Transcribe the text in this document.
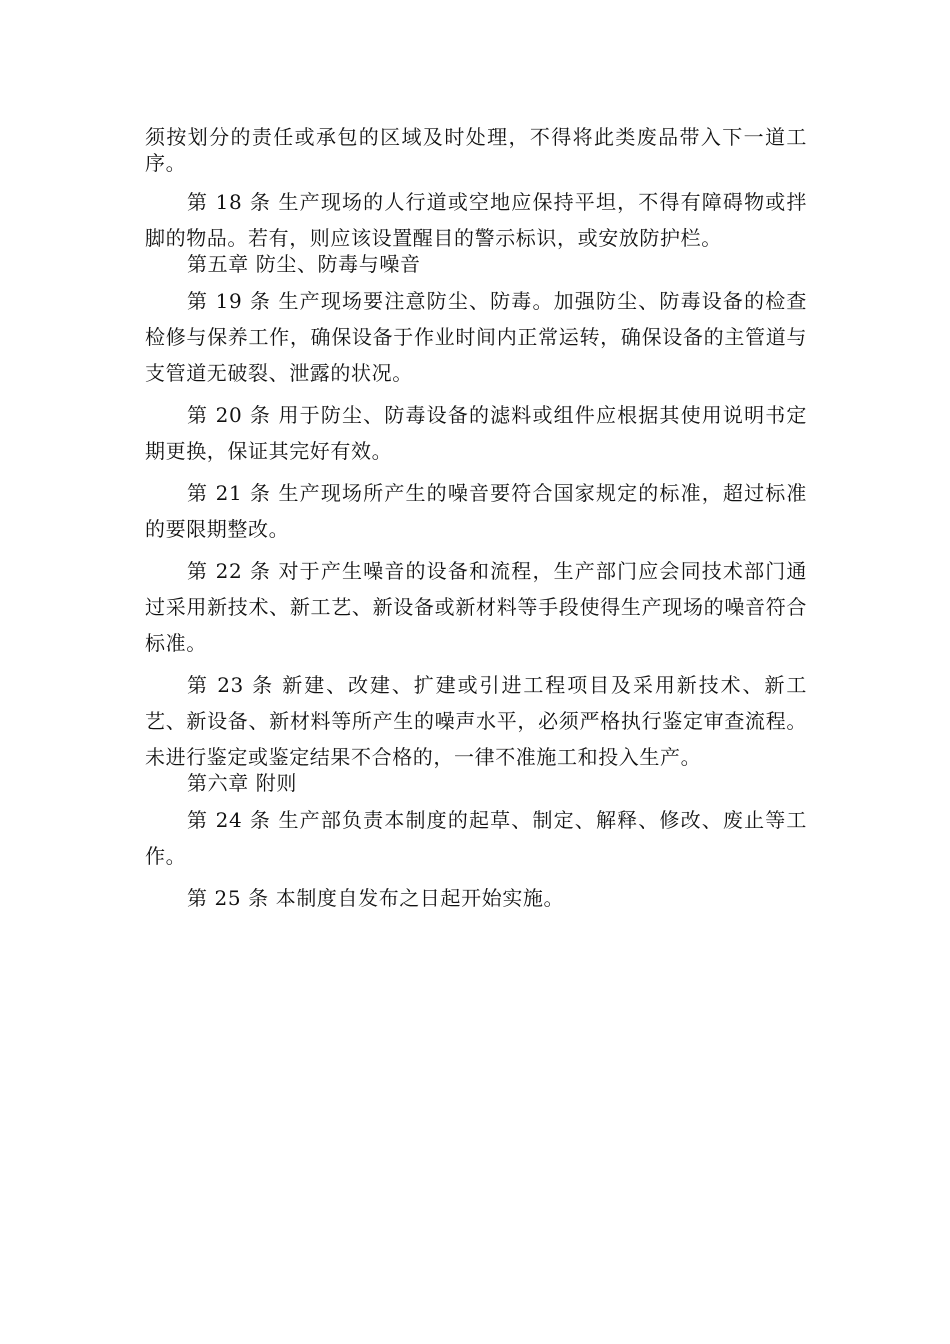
须按划分的责任或承包的区域及时处理，不得将此类废品带入下一道工序。

第 18 条 生产现场的人行道或空地应保持平坦，不得有障碍物或拌脚的物品。若有，则应该设置醒目的警示标识，或安放防护栏。

第五章 防尘、防毒与噪音

第 19 条 生产现场要注意防尘、防毒。加强防尘、防毒设备的检查检修与保养工作，确保设备于作业时间内正常运转，确保设备的主管道与支管道无破裂、泄露的状况。

第 20 条 用于防尘、防毒设备的滤料或组件应根据其使用说明书定期更换，保证其完好有效。

第 21 条 生产现场所产生的噪音要符合国家规定的标准，超过标准的要限期整改。

第 22 条 对于产生噪音的设备和流程，生产部门应会同技术部门通过采用新技术、新工艺、新设备或新材料等手段使得生产现场的噪音符合标准。

第 23 条 新建、改建、扩建或引进工程项目及采用新技术、新工艺、新设备、新材料等所产生的噪声水平，必须严格执行鉴定审查流程。未进行鉴定或鉴定结果不合格的，一律不准施工和投入生产。

第六章 附则

第 24 条 生产部负责本制度的起草、制定、解释、修改、废止等工作。

第 25 条 本制度自发布之日起开始实施。
